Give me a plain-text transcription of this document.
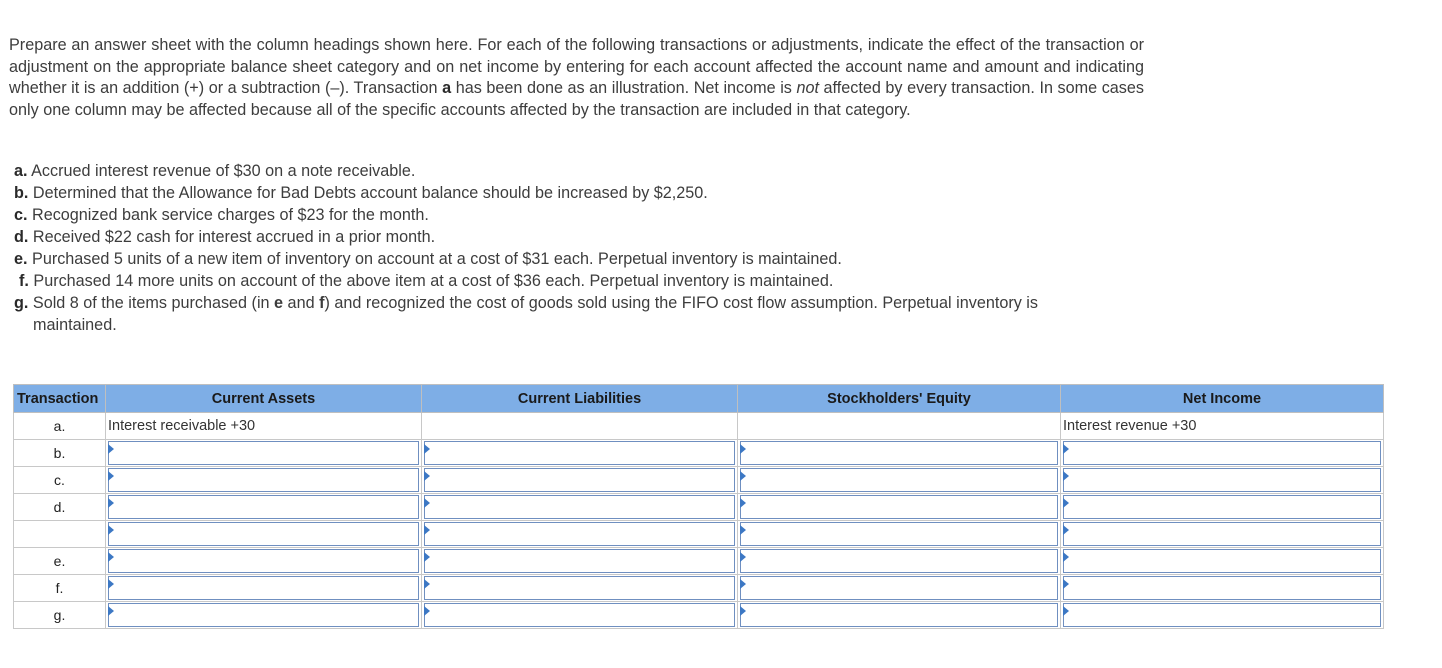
Prepare an answer sheet with the column headings shown here. For each of the following transactions or adjustments, indicate the effect of the transaction or adjustment on the appropriate balance sheet category and on net income by entering for each account affected the account name and amount and indicating whether it is an addition (+) or a subtraction (–). Transaction a has been done as an illustration. Net income is not affected by every transaction. In some cases only one column may be affected because all of the specific accounts affected by the transaction are included in that category.

a. Accrued interest revenue of $30 on a note receivable.
b. Determined that the Allowance for Bad Debts account balance should be increased by $2,250.
c. Recognized bank service charges of $23 for the month.
d. Received $22 cash for interest accrued in a prior month.
e. Purchased 5 units of a new item of inventory on account at a cost of $31 each. Perpetual inventory is maintained.
f. Purchased 14 more units on account of the above item at a cost of $36 each. Perpetual inventory is maintained.
g. Sold 8 of the items purchased (in e and f) and recognized the cost of goods sold using the FIFO cost flow assumption. Perpetual inventory is maintained.
Transaction	Current Assets	Current Liabilities	Stockholders' Equity	Net Income
a.	Interest receivable +30			Interest revenue +30
b.	

c.	

d.	

e.	

f.	

g.	
